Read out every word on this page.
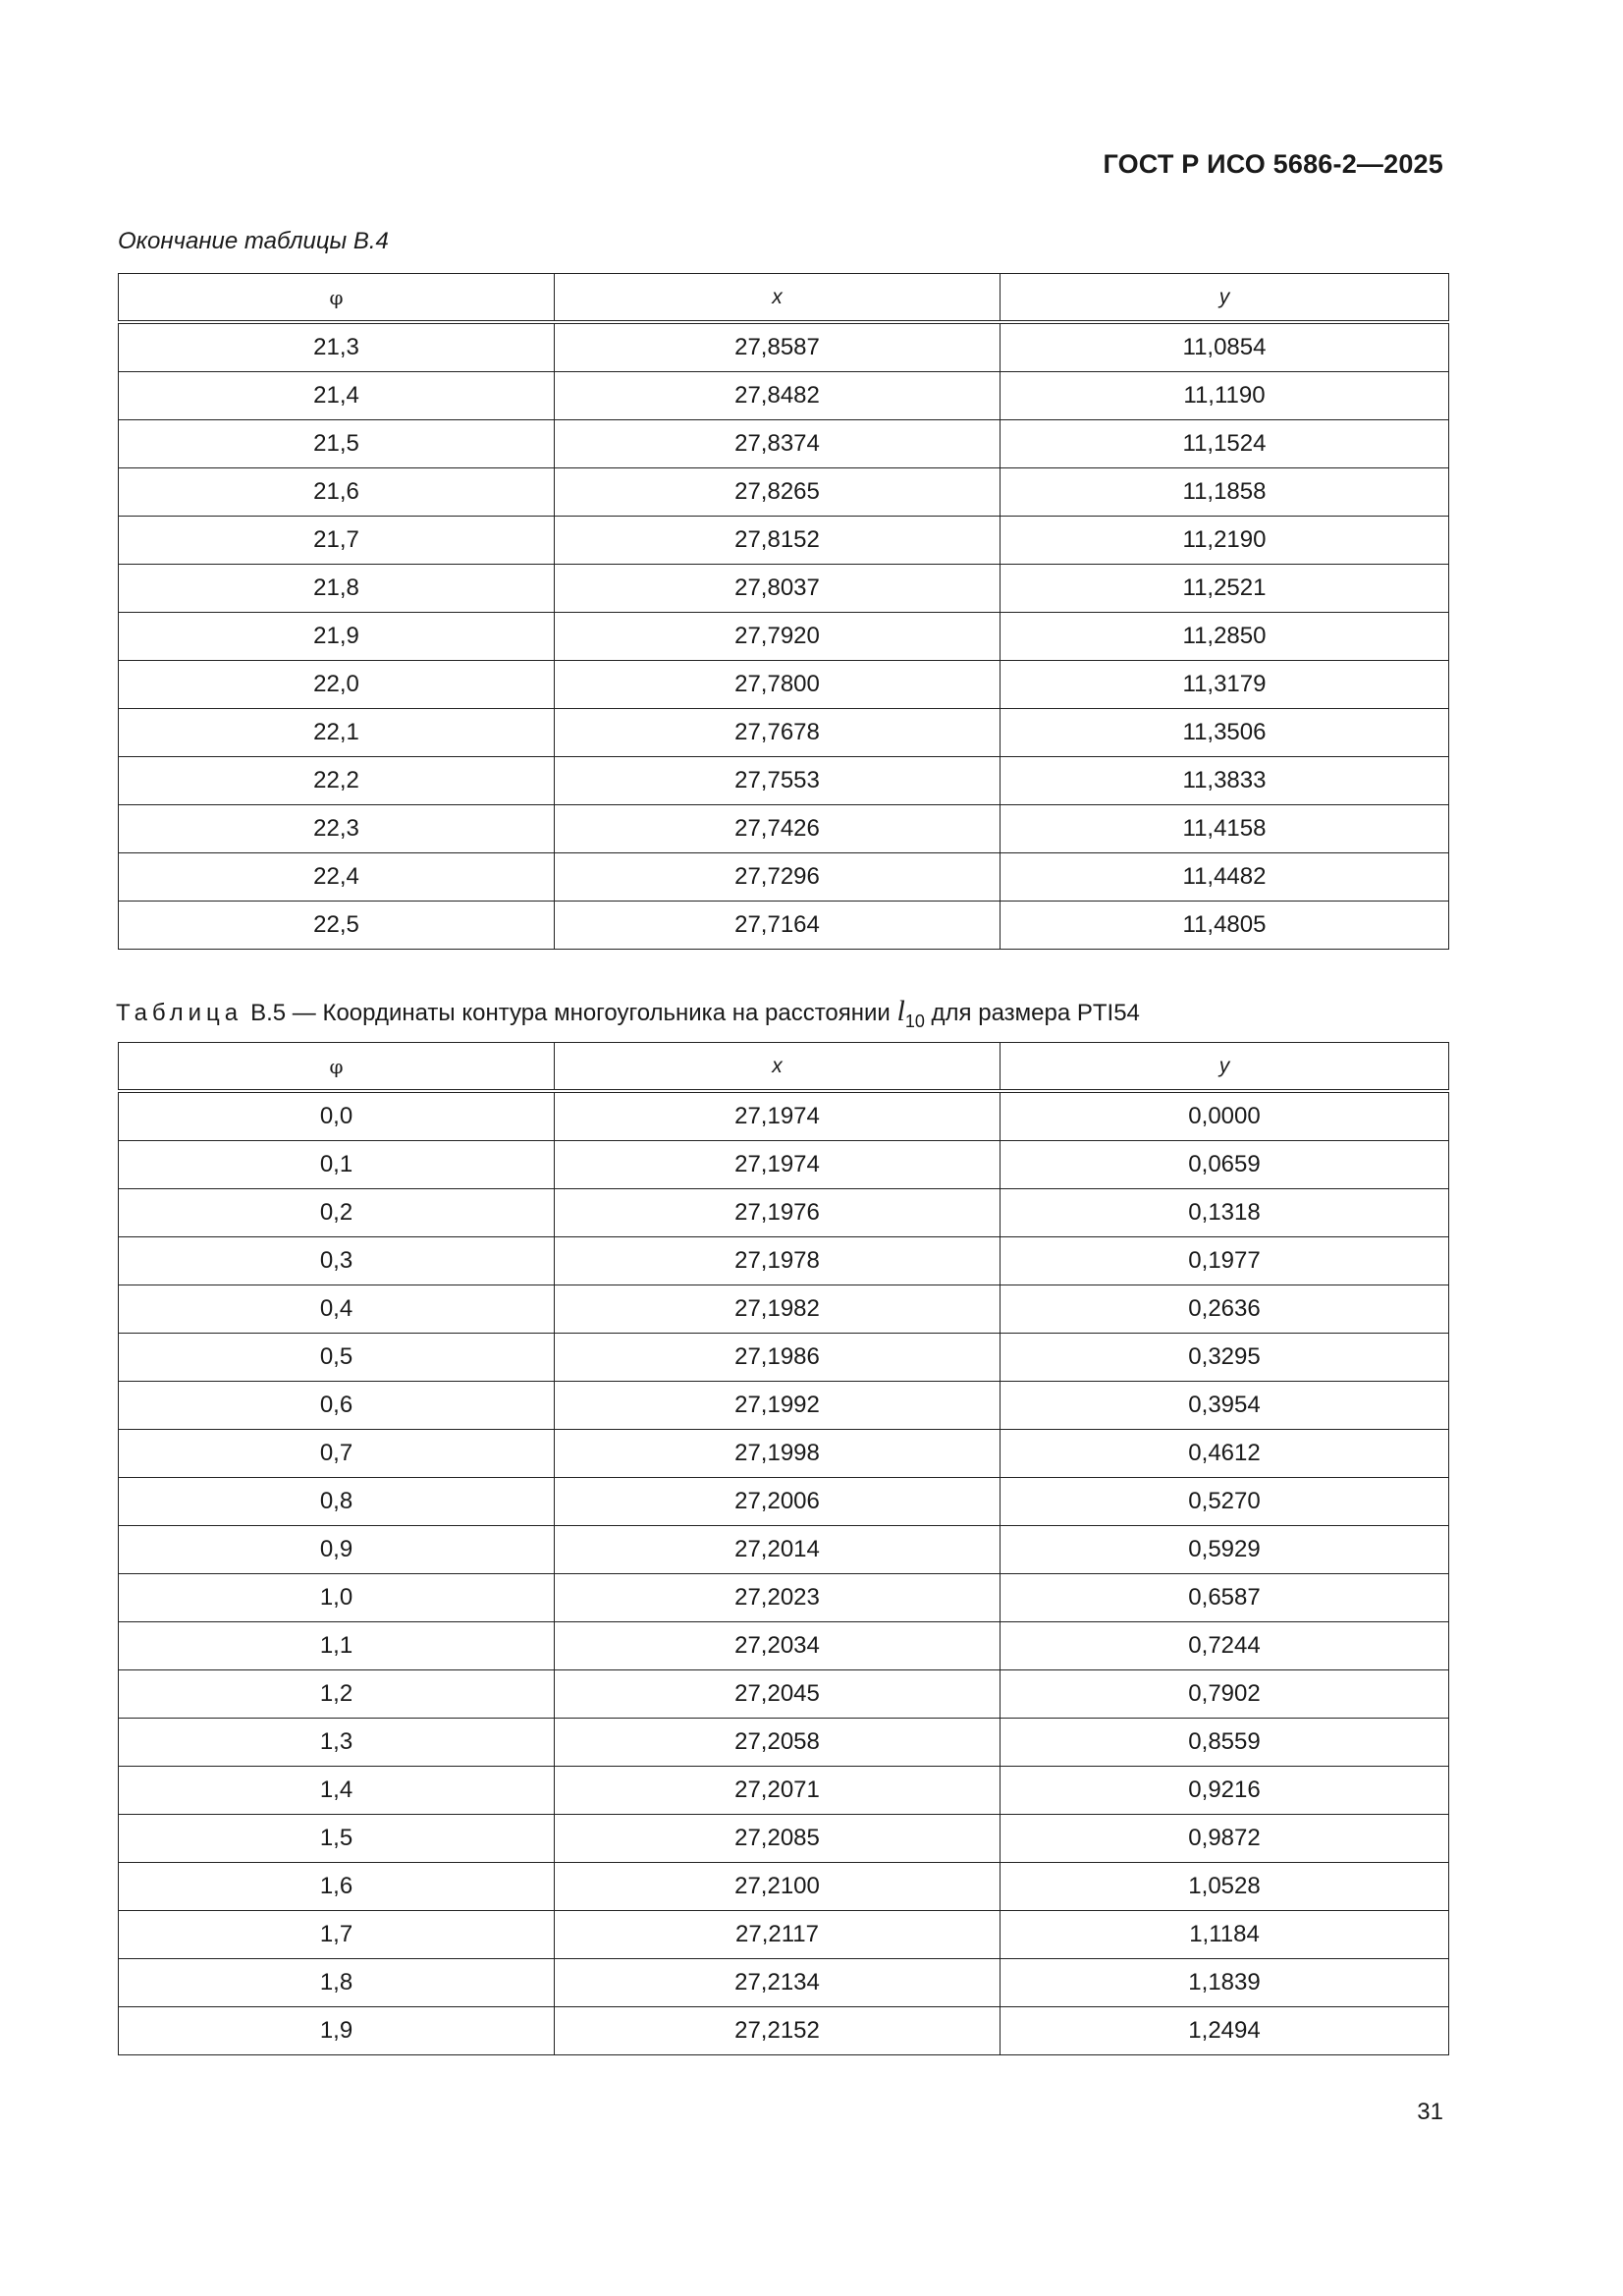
ГОСТ Р ИСО 5686-2—2025
Окончание таблицы В.4
φ	x	y
21,3	27,8587	11,0854
21,4	27,8482	11,1190
21,5	27,8374	11,1524
21,6	27,8265	11,1858
21,7	27,8152	11,2190
21,8	27,8037	11,2521
21,9	27,7920	11,2850
22,0	27,7800	11,3179
22,1	27,7678	11,3506
22,2	27,7553	11,3833
22,3	27,7426	11,4158
22,4	27,7296	11,4482
22,5	27,7164	11,4805
Таблица В.5 — Координаты контура многоугольника на расстоянии $l_{10}$ для размера PTI54
φ	x	y
0,0	27,1974	0,0000
0,1	27,1974	0,0659
0,2	27,1976	0,1318
0,3	27,1978	0,1977
0,4	27,1982	0,2636
0,5	27,1986	0,3295
0,6	27,1992	0,3954
0,7	27,1998	0,4612
0,8	27,2006	0,5270
0,9	27,2014	0,5929
1,0	27,2023	0,6587
1,1	27,2034	0,7244
1,2	27,2045	0,7902
1,3	27,2058	0,8559
1,4	27,2071	0,9216
1,5	27,2085	0,9872
1,6	27,2100	1,0528
1,7	27,2117	1,1184
1,8	27,2134	1,1839
1,9	27,2152	1,2494
31
